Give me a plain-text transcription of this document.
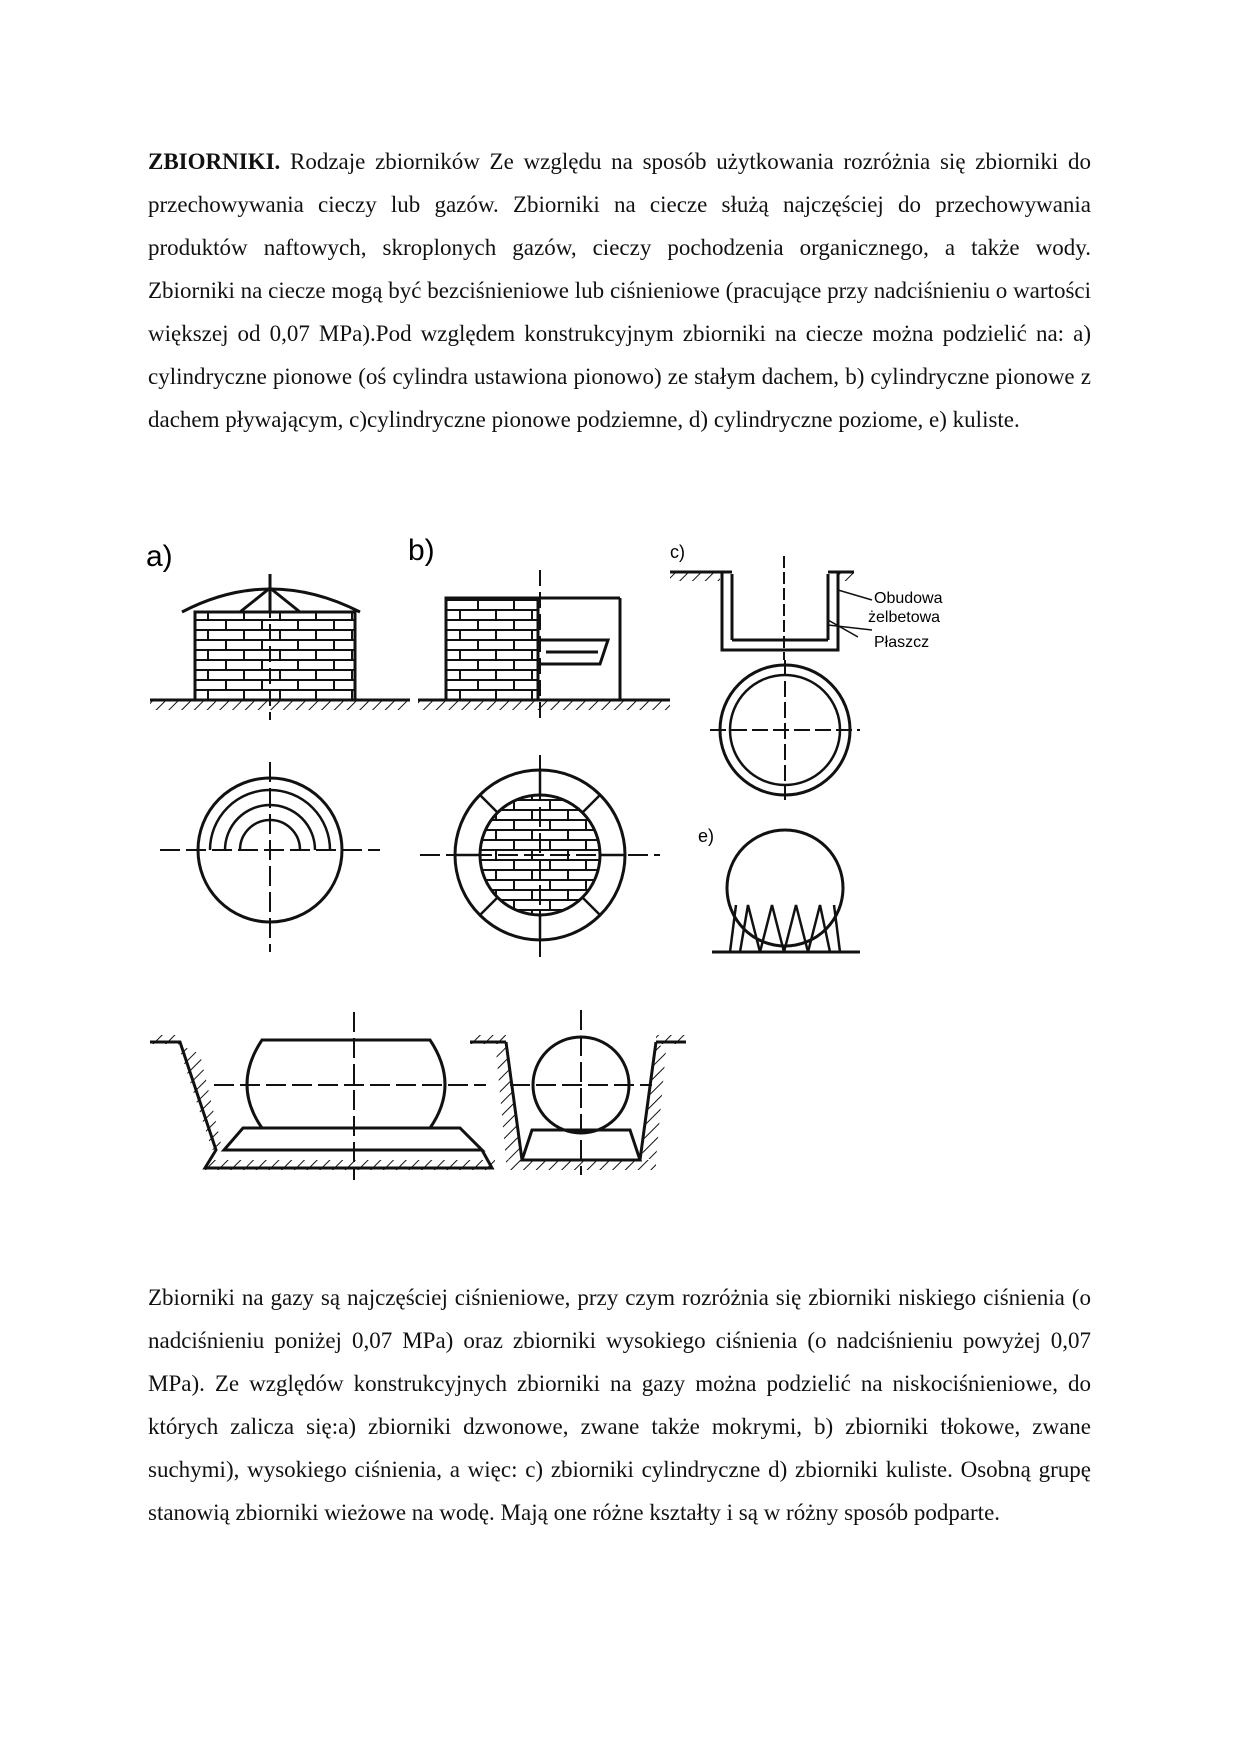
ZBIORNIKI. Rodzaje zbiorników Ze względu na sposób użytkowania rozróżnia się zbiorniki do przechowywania cieczy lub gazów. Zbiorniki na ciecze służą najczęściej do przechowywania produktów naftowych, skroplonych gazów, cieczy pochodzenia organicznego, a także wody. Zbiorniki na ciecze mogą być bezciśnieniowe lub ciśnieniowe (pracujące przy nadciśnieniu o wartości większej od 0,07 MPa).Pod względem konstrukcyjnym zbiorniki na ciecze można podzielić na: a) cylindryczne pionowe (oś cylindra ustawiona pionowo) ze stałym dachem, b) cylindryczne pionowe z dachem pływającym, c)cylindryczne pionowe podziemne, d) cylindryczne poziome, e) kuliste.
a)	b)	c)
e)
Obudowa
żelbetowa
Płaszcz
Zbiorniki na gazy są najczęściej ciśnieniowe, przy czym rozróżnia się zbiorniki niskiego ciśnienia (o nadciśnieniu poniżej 0,07 MPa) oraz zbiorniki wysokiego ciśnienia (o nadciśnieniu powyżej 0,07 MPa). Ze względów konstrukcyjnych zbiorniki na gazy można podzielić na niskociśnieniowe, do których zalicza się:a) zbiorniki dzwonowe, zwane także mokrymi, b) zbiorniki tłokowe, zwane suchymi), wysokiego ciśnienia, a więc: c) zbiorniki cylindryczne d) zbiorniki kuliste. Osobną grupę stanowią zbiorniki wieżowe na wodę. Mają one różne kształty i są w różny sposób podparte.
